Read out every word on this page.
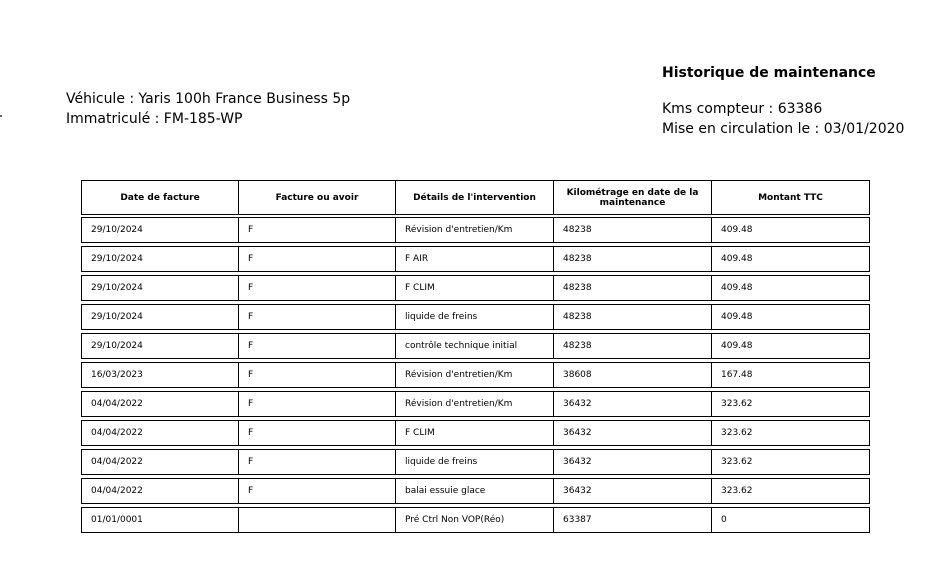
Véhicule : Yaris 100h France Business 5p
Immatriculé : FM-185-WP
Historique de maintenance
Kms compteur : 63386
Mise en circulation le : 03/01/2020
Date de facture	Facture ou avoir	Détails de l'intervention	Kilométrage en date de la maintenance	Montant TTC

29/10/2024	F	Révision d'entretien/Km	48238	409.48

29/10/2024	F	F AIR	48238	409.48

29/10/2024	F	F CLIM	48238	409.48

29/10/2024	F	liquide de freins	48238	409.48

29/10/2024	F	contrôle technique initial	48238	409.48

16/03/2023	F	Révision d'entretien/Km	38608	167.48

04/04/2022	F	Révision d'entretien/Km	36432	323.62

04/04/2022	F	F CLIM	36432	323.62

04/04/2022	F	liquide de freins	36432	323.62

04/04/2022	F	balai essuie glace	36432	323.62

01/01/0001		Pré Ctrl Non VOP(Réo)	63387	0
